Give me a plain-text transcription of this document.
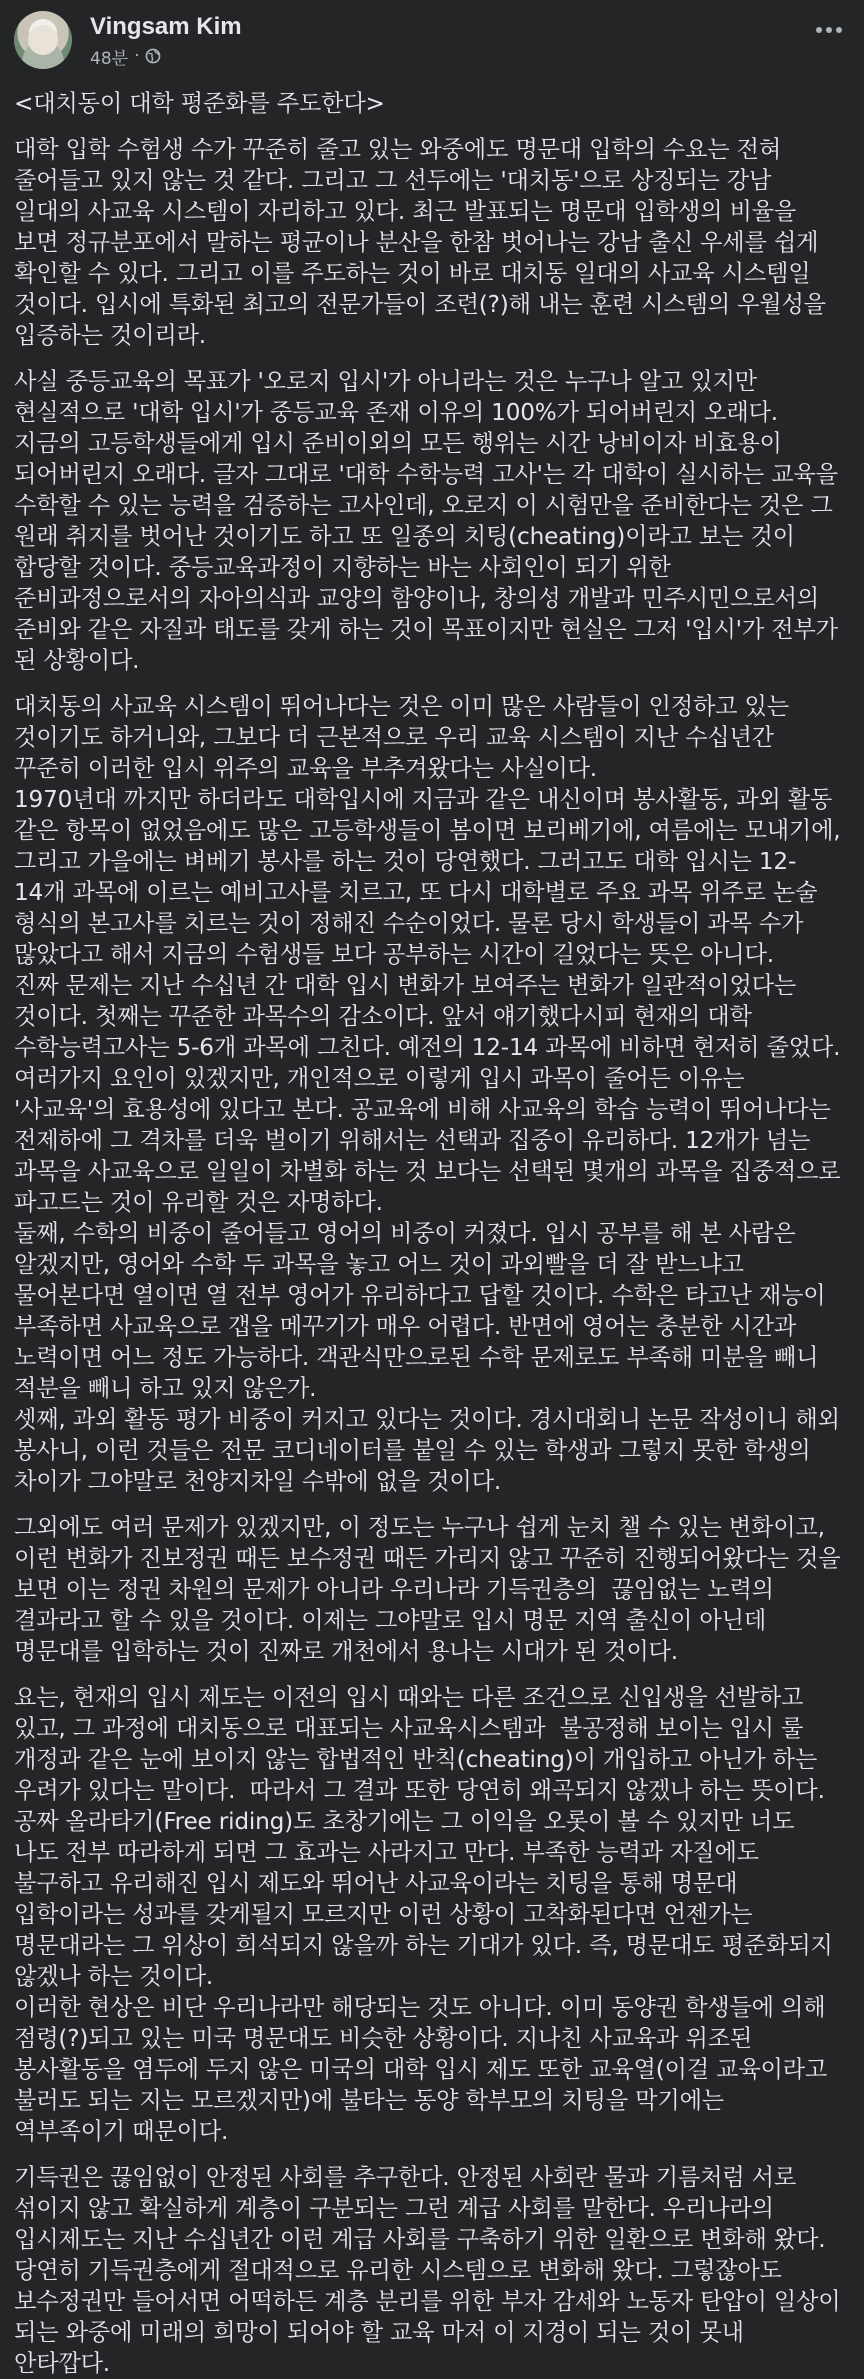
Vingsam Kim
48분 ·

<대치동이 대학 평준화를 주도한다>

대학 입학 수험생 수가 꾸준히 줄고 있는 와중에도 명문대 입학의 수요는 전혀 줄어들고 있지 않는 것 같다. 그리고 그 선두에는 '대치동'으로 상징되는 강남 일대의 사교육 시스템이 자리하고 있다. 최근 발표되는 명문대 입학생의 비율을 보면 정규분포에서 말하는 평균이나 분산을 한참 벗어나는 강남 출신 우세를 쉽게 확인할 수 있다. 그리고 이를 주도하는 것이 바로 대치동 일대의 사교육 시스템일 것이다. 입시에 특화된 최고의 전문가들이 조련(?)해 내는 훈련 시스템의 우월성을 입증하는 것이리라.

사실 중등교육의 목표가 '오로지 입시'가 아니라는 것은 누구나 알고 있지만 현실적으로 '대학 입시'가 중등교육 존재 이유의 100%가 되어버린지 오래다. 지금의 고등학생들에게 입시 준비이외의 모든 행위는 시간 낭비이자 비효용이 되어버린지 오래다. 글자 그대로 '대학 수학능력 고사'는 각 대학이 실시하는 교육을 수학할 수 있는 능력을 검증하는 고사인데, 오로지 이 시험만을 준비한다는 것은 그 원래 취지를 벗어난 것이기도 하고 또 일종의 치팅(cheating)이라고 보는 것이 합당할 것이다. 중등교육과정이 지향하는 바는 사회인이 되기 위한 준비과정으로서의 자아의식과 교양의 함양이나, 창의성 개발과 민주시민으로서의 준비와 같은 자질과 태도를 갖게 하는 것이 목표이지만 현실은 그저 '입시'가 전부가 된 상황이다.

대치동의 사교육 시스템이 뛰어나다는 것은 이미 많은 사람들이 인정하고 있는 것이기도 하거니와, 그보다 더 근본적으로 우리 교육 시스템이 지난 수십년간 꾸준히 이러한 입시 위주의 교육을 부추겨왔다는 사실이다.

1970년대 까지만 하더라도 대학입시에 지금과 같은 내신이며 봉사활동, 과외 활동 같은 항목이 없었음에도 많은 고등학생들이 봄이면 보리베기에, 여름에는 모내기에, 그리고 가을에는 벼베기 봉사를 하는 것이 당연했다. 그러고도 대학 입시는 12-14개 과목에 이르는 예비고사를 치르고, 또 다시 대학별로 주요 과목 위주로 논술 형식의 본고사를 치르는 것이 정해진 수순이었다. 물론 당시 학생들이 과목 수가 많았다고 해서 지금의 수험생들 보다 공부하는 시간이 길었다는 뜻은 아니다.

진짜 문제는 지난 수십년 간 대학 입시 변화가 보여주는 변화가 일관적이었다는 것이다. 첫째는 꾸준한 과목수의 감소이다. 앞서 얘기했다시피 현재의 대학 수학능력고사는 5-6개 과목에 그친다. 예전의 12-14 과목에 비하면 현저히 줄었다. 여러가지 요인이 있겠지만, 개인적으로 이렇게 입시 과목이 줄어든 이유는 '사교육'의 효용성에 있다고 본다. 공교육에 비해 사교육의 학습 능력이 뛰어나다는 전제하에 그 격차를 더욱 벌이기 위해서는 선택과 집중이 유리하다. 12개가 넘는 과목을 사교육으로 일일이 차별화 하는 것 보다는 선택된 몇개의 과목을 집중적으로 파고드는 것이 유리할 것은 자명하다.

둘째, 수학의 비중이 줄어들고 영어의 비중이 커졌다. 입시 공부를 해 본 사람은 알겠지만, 영어와 수학 두 과목을 놓고 어느 것이 과외빨을 더 잘 받느냐고 물어본다면 열이면 열 전부 영어가 유리하다고 답할 것이다. 수학은 타고난 재능이 부족하면 사교육으로 갭을 메꾸기가 매우 어렵다. 반면에 영어는 충분한 시간과 노력이면 어느 정도 가능하다. 객관식만으로된 수학 문제로도 부족해 미분을 빼니 적분을 빼니 하고 있지 않은가.

셋째, 과외 활동 평가 비중이 커지고 있다는 것이다. 경시대회니 논문 작성이니 해외 봉사니, 이런 것들은 전문 코디네이터를 붙일 수 있는 학생과 그렇지 못한 학생의 차이가 그야말로 천양지차일 수밖에 없을 것이다.

그외에도 여러 문제가 있겠지만, 이 정도는 누구나 쉽게 눈치 챌 수 있는 변화이고, 이런 변화가 진보정권 때든 보수정권 때든 가리지 않고 꾸준히 진행되어왔다는 것을 보면 이는 정권 차원의 문제가 아니라 우리나라 기득권층의  끊임없는 노력의 결과라고 할 수 있을 것이다. 이제는 그야말로 입시 명문 지역 출신이 아닌데 명문대를 입학하는 것이 진짜로 개천에서 용나는 시대가 된 것이다.

요는, 현재의 입시 제도는 이전의 입시 때와는 다른 조건으로 신입생을 선발하고 있고, 그 과정에 대치동으로 대표되는 사교육시스템과  불공정해 보이는 입시 룰 개정과 같은 눈에 보이지 않는 합법적인 반칙(cheating)이 개입하고 아닌가 하는 우려가 있다는 말이다.  따라서 그 결과 또한 당연히 왜곡되지 않겠나 하는 뜻이다. 공짜 올라타기(Free riding)도 초창기에는 그 이익을 오롯이 볼 수 있지만 너도 나도 전부 따라하게 되면 그 효과는 사라지고 만다. 부족한 능력과 자질에도 불구하고 유리해진 입시 제도와 뛰어난 사교육이라는 치팅을 통해 명문대 입학이라는 성과를 갖게될지 모르지만 이런 상황이 고착화된다면 언젠가는 명문대라는 그 위상이 희석되지 않을까 하는 기대가 있다. 즉, 명문대도 평준화되지 않겠나 하는 것이다.

이러한 현상은 비단 우리나라만 해당되는 것도 아니다. 이미 동양권 학생들에 의해 점령(?)되고 있는 미국 명문대도 비슷한 상황이다. 지나친 사교육과 위조된 봉사활동을 염두에 두지 않은 미국의 대학 입시 제도 또한 교육열(이걸 교육이라고 불러도 되는 지는 모르겠지만)에 불타는 동양 학부모의 치팅을 막기에는 역부족이기 때문이다.

기득권은 끊임없이 안정된 사회를 추구한다. 안정된 사회란 물과 기름처럼 서로 섞이지 않고 확실하게 계층이 구분되는 그런 계급 사회를 말한다. 우리나라의 입시제도는 지난 수십년간 이런 계급 사회를 구축하기 위한 일환으로 변화해 왔다. 당연히 기득권층에게 절대적으로 유리한 시스템으로 변화해 왔다. 그렇잖아도 보수정권만 들어서면 어떡하든 계층 분리를 위한 부자 감세와 노동자 탄압이 일상이 되는 와중에 미래의 희망이 되어야 할 교육 마저 이 지경이 되는 것이 못내 안타깝다.
